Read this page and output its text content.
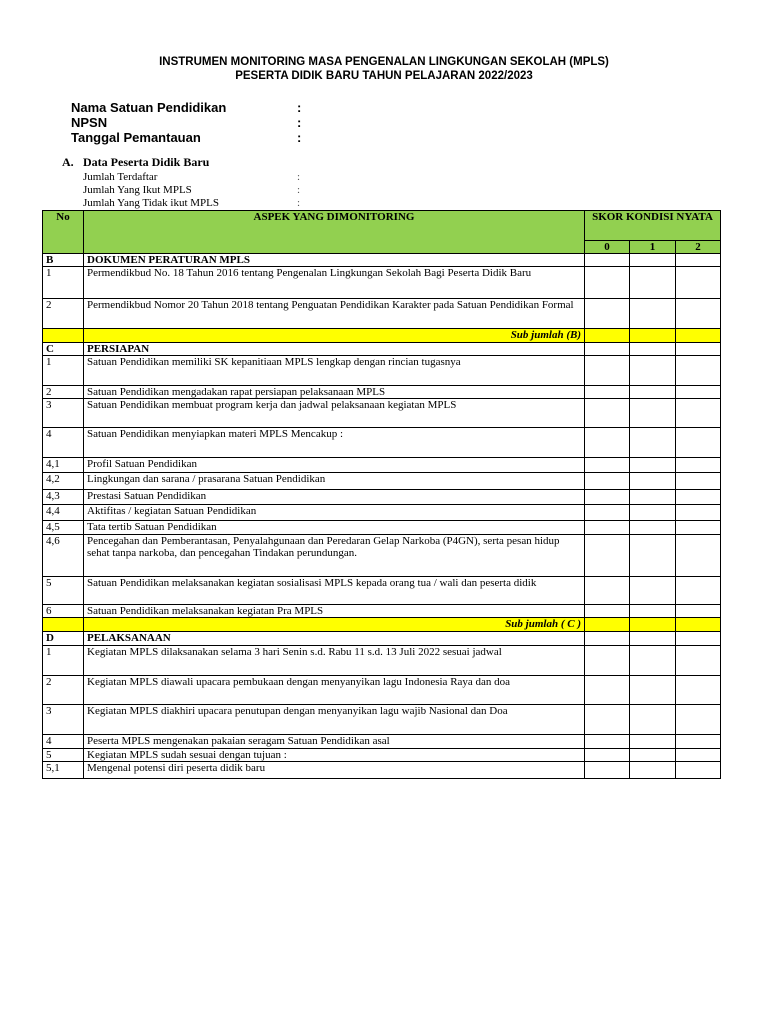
INSTRUMEN MONITORING MASA PENGENALAN LINGKUNGAN SEKOLAH (MPLS)
PESERTA DIDIK BARU TAHUN PELAJARAN 2022/2023
Nama Satuan Pendidikan	:
NPSN	:
Tanggal Pemantauan	:
A. Data Peserta Didik Baru
Jumlah Terdaftar	:
Jumlah Yang Ikut MPLS	:
Jumlah Yang Tidak ikut MPLS	:
No	ASPEK YANG DIMONITORING	SKOR KONDISI NYATA		
		0	1	2
B	DOKUMEN PERATURAN MPLS			
1	Permendikbud No. 18 Tahun 2016 tentang Pengenalan Lingkungan Sekolah Bagi Peserta Didik Baru			
2	Permendikbud Nomor 20 Tahun 2018 tentang Penguatan Pendidikan Karakter pada Satuan Pendidikan Formal			
	Sub jumlah (B)			
C	PERSIAPAN			
1	Satuan Pendidikan memiliki SK kepanitiaan MPLS lengkap dengan rincian tugasnya			
2	Satuan Pendidikan mengadakan rapat persiapan pelaksanaan MPLS			
3	Satuan Pendidikan membuat program kerja dan jadwal pelaksanaan kegiatan MPLS			
4	Satuan Pendidikan menyiapkan materi MPLS Mencakup :			
4,1	Profil Satuan Pendidikan			
4,2	Lingkungan dan sarana / prasarana Satuan Pendidikan			
4,3	Prestasi Satuan Pendidikan			
4,4	Aktifitas / kegiatan Satuan Pendidikan			
4,5	Tata tertib Satuan Pendidikan			
4,6	Pencegahan dan Pemberantasan, Penyalahgunaan dan Peredaran Gelap Narkoba (P4GN), serta pesan hidup sehat tanpa narkoba, dan pencegahan Tindakan perundungan.			
5	Satuan Pendidikan melaksanakan kegiatan sosialisasi MPLS kepada orang tua / wali dan peserta didik			
6	Satuan Pendidikan melaksanakan kegiatan Pra MPLS			
	Sub jumlah ( C )			
D	PELAKSANAAN			
1	Kegiatan MPLS dilaksanakan selama 3 hari Senin s.d. Rabu 11 s.d. 13 Juli 2022 sesuai jadwal			
2	Kegiatan MPLS diawali upacara pembukaan dengan menyanyikan lagu Indonesia Raya dan doa			
3	Kegiatan MPLS diakhiri upacara penutupan dengan menyanyikan lagu wajib Nasional dan Doa			
4	Peserta MPLS mengenakan pakaian seragam Satuan Pendidikan asal			
5	Kegiatan MPLS sudah sesuai dengan tujuan :			
5,1	Mengenal potensi diri peserta didik baru			
